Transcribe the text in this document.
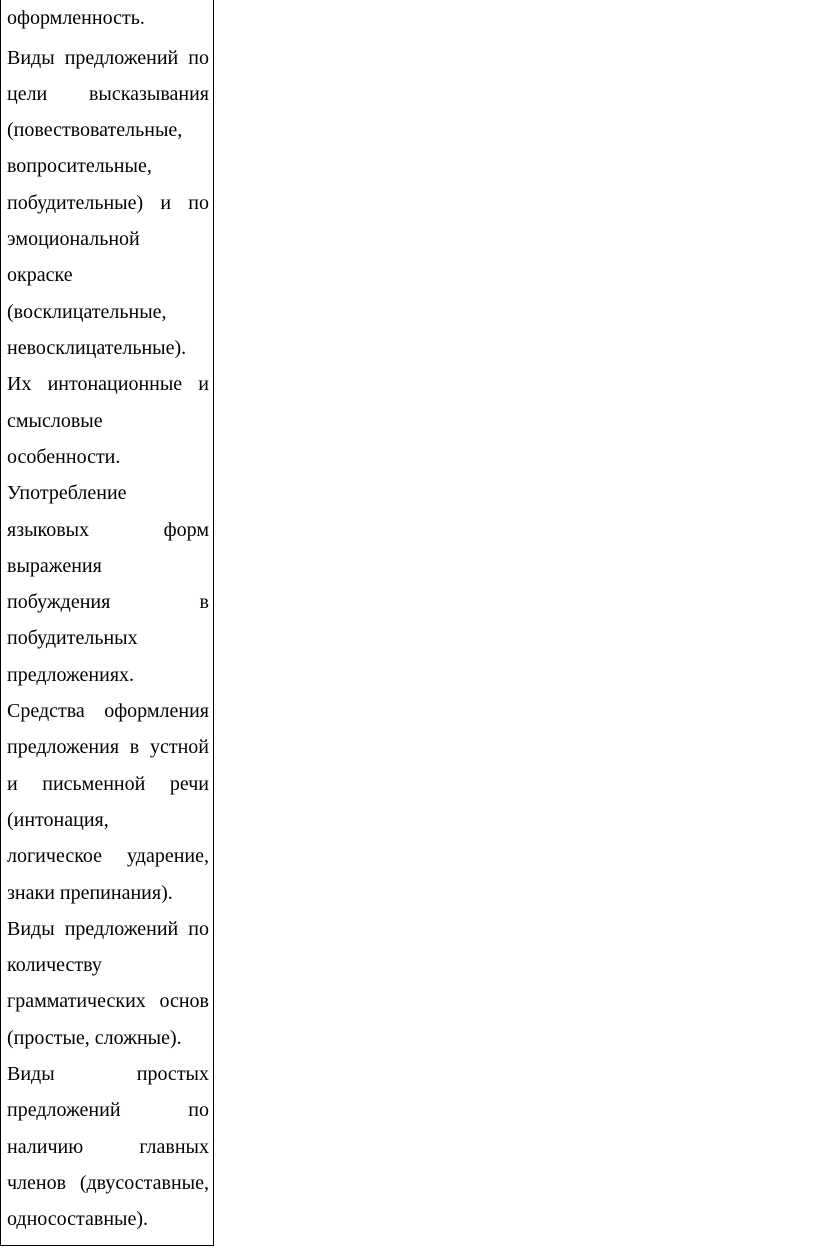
оформленность.
Виды предложений по
цели высказывания
(повествовательные,
вопросительные,
побудительные) и по
эмоциональной
окраске
(восклицательные,
невосклицательные).
Их интонационные и
смысловые
особенности.
Употребление
языковых форм
выражения
побуждения в
побудительных
предложениях.
Средства оформления
предложения в устной
и письменной речи
(интонация,
логическое ударение,
знаки препинания).
Виды предложений по
количеству
грамматических основ
(простые, сложные).
Виды простых
предложений по
наличию главных
членов (двусоставные,
односоставные).
